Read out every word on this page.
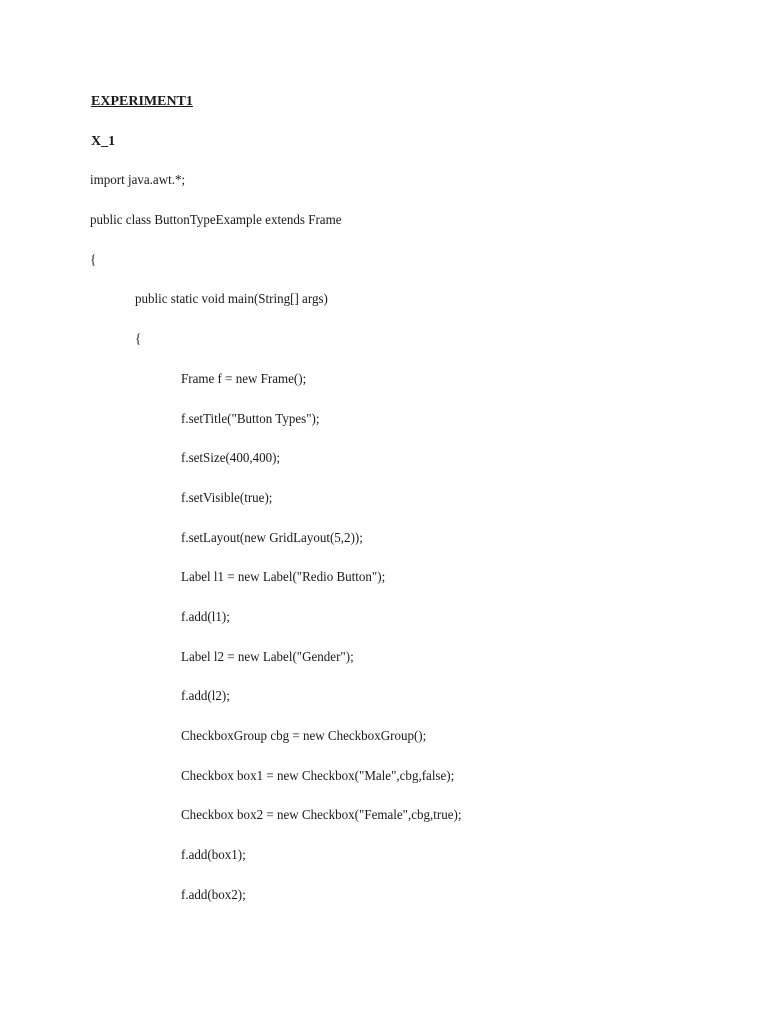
EXPERIMENT1
X_1
import java.awt.*;
public class ButtonTypeExample extends Frame
{
public static void main(String[] args)
{
Frame f = new Frame();
f.setTitle("Button Types");
f.setSize(400,400);
f.setVisible(true);
f.setLayout(new GridLayout(5,2));
Label l1 = new Label("Redio Button");
f.add(l1);
Label l2 = new Label("Gender");
f.add(l2);
CheckboxGroup cbg = new CheckboxGroup();
Checkbox box1 = new Checkbox("Male",cbg,false);
Checkbox box2 = new Checkbox("Female",cbg,true);
f.add(box1);
f.add(box2);
